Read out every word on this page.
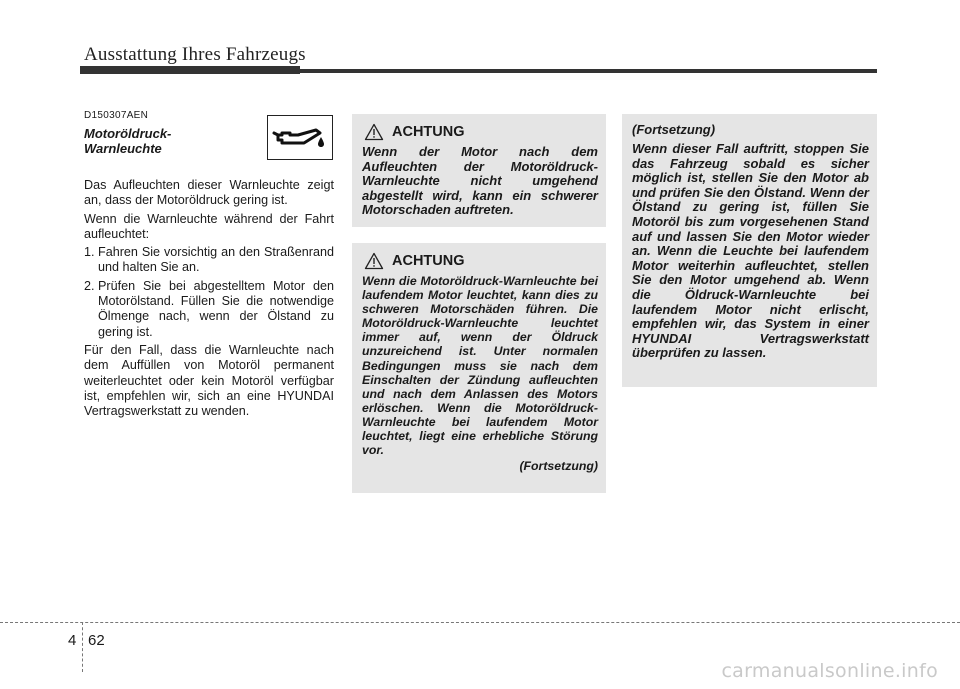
Ausstattung Ihres Fahrzeugs
D150307AEN
Motoröldruck-
Warnleuchte

Das Aufleuchten dieser Warnleuchte zeigt an, dass der Motoröldruck gering ist.

Wenn die Warnleuchte während der Fahrt aufleuchtet:

1. Fahren Sie vorsichtig an den Straßenrand und halten Sie an.
2. Prüfen Sie bei abgestelltem Motor den Motorölstand. Füllen Sie die notwendige Ölmenge nach, wenn der Ölstand zu gering ist.

Für den Fall, dass die Warnleuchte nach dem Auffüllen von Motoröl permanent weiterleuchtet oder kein Motoröl verfügbar ist, empfehlen wir, sich an eine HYUNDAI Vertragswerkstatt zu wenden.

ACHTUNG
Wenn der Motor nach dem Aufleuchten der Motoröldruck-Warnleuchte nicht umgehend abgestellt wird, kann ein schwerer Motorschaden auftreten.
ACHTUNG
Wenn die Motoröldruck-Warnleuchte bei laufendem Motor leuchtet, kann dies zu schweren Motorschäden führen. Die Motoröldruck-Warnleuchte leuchtet immer auf, wenn der Öldruck unzureichend ist. Unter normalen Bedingungen muss sie nach dem Einschalten der Zündung aufleuchten und nach dem Anlassen des Motors erlöschen. Wenn die Motoröldruck-Warnleuchte bei laufendem Motor leuchtet, liegt eine erhebliche Störung vor.
(Fortsetzung)
(Fortsetzung)
Wenn dieser Fall auftritt, stoppen Sie das Fahrzeug sobald es sicher möglich ist, stellen Sie den Motor ab und prüfen Sie den Ölstand. Wenn der Ölstand zu gering ist, füllen Sie Motoröl bis zum vorgesehenen Stand auf und lassen Sie den Motor wieder an. Wenn die Leuchte bei laufendem Motor weiterhin aufleuchtet, stellen Sie den Motor umgehend ab. Wenn die Öldruck-Warnleuchte bei laufendem Motor nicht erlischt, empfehlen wir, das System in einer HYUNDAI Vertragswerkstatt überprüfen zu lassen.
4 62
carmanualsonline.info
